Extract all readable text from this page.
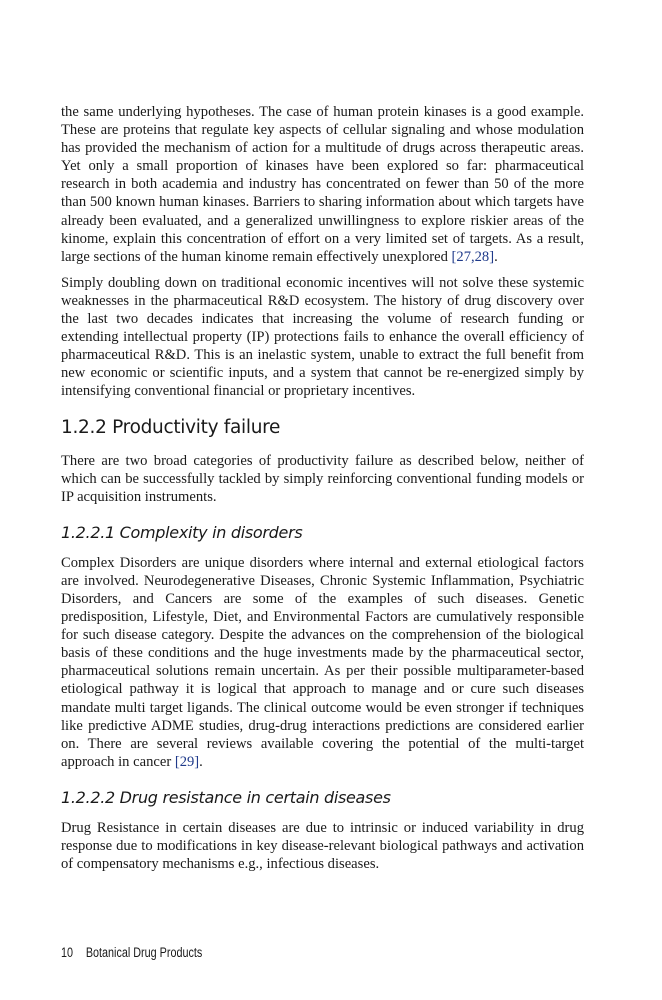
the same underlying hypotheses. The case of human protein kinases is a good example. These are proteins that regulate key aspects of cellular signaling and whose modulation has provided the mechanism of action for a multitude of drugs across therapeutic areas. Yet only a small proportion of kinases have been explored so far: pharmaceutical research in both academia and industry has concentrated on fewer than 50 of the more than 500 known human kinases. Barriers to sharing information about which targets have already been evaluated, and a generalized unwillingness to explore riskier areas of the kinome, explain this concentration of effort on a very limited set of targets. As a result, large sections of the human kinome remain effectively unexplored [27,28].

Simply doubling down on traditional economic incentives will not solve these systemic weaknesses in the pharmaceutical R&D ecosystem. The history of drug discovery over the last two decades indicates that increasing the volume of research funding or extending intellectual property (IP) protections fails to enhance the overall efficiency of pharmaceutical R&D. This is an inelastic system, unable to extract the full benefit from new economic or scientific inputs, and a system that cannot be re-energized simply by intensifying conventional financial or proprietary incentives.

1.2.2 Productivity failure

There are two broad categories of productivity failure as described below, neither of which can be successfully tackled by simply reinforcing conventional funding models or IP acquisition instruments.

1.2.2.1 Complexity in disorders

Complex Disorders are unique disorders where internal and external etiological factors are involved. Neurodegenerative Diseases, Chronic Systemic Inflammation, Psychiatric Disorders, and Cancers are some of the examples of such diseases. Genetic predisposition, Lifestyle, Diet, and Environmental Factors are cumulatively responsible for such disease category. Despite the advances on the comprehension of the biological basis of these conditions and the huge investments made by the pharmaceutical sector, pharmaceutical solutions remain uncertain. As per their possible multiparameter-based etiological pathway it is logical that approach to manage and or cure such diseases mandate multi target ligands. The clinical outcome would be even stronger if techniques like predictive ADME studies, drug-drug interactions predictions are considered earlier on. There are several reviews available covering the potential of the multi-target approach in cancer [29].

1.2.2.2 Drug resistance in certain diseases

Drug Resistance in certain diseases are due to intrinsic or induced variability in drug response due to modifications in key disease-relevant biological pathways and activation of compensatory mechanisms e.g., infectious diseases.

10 Botanical Drug Products
